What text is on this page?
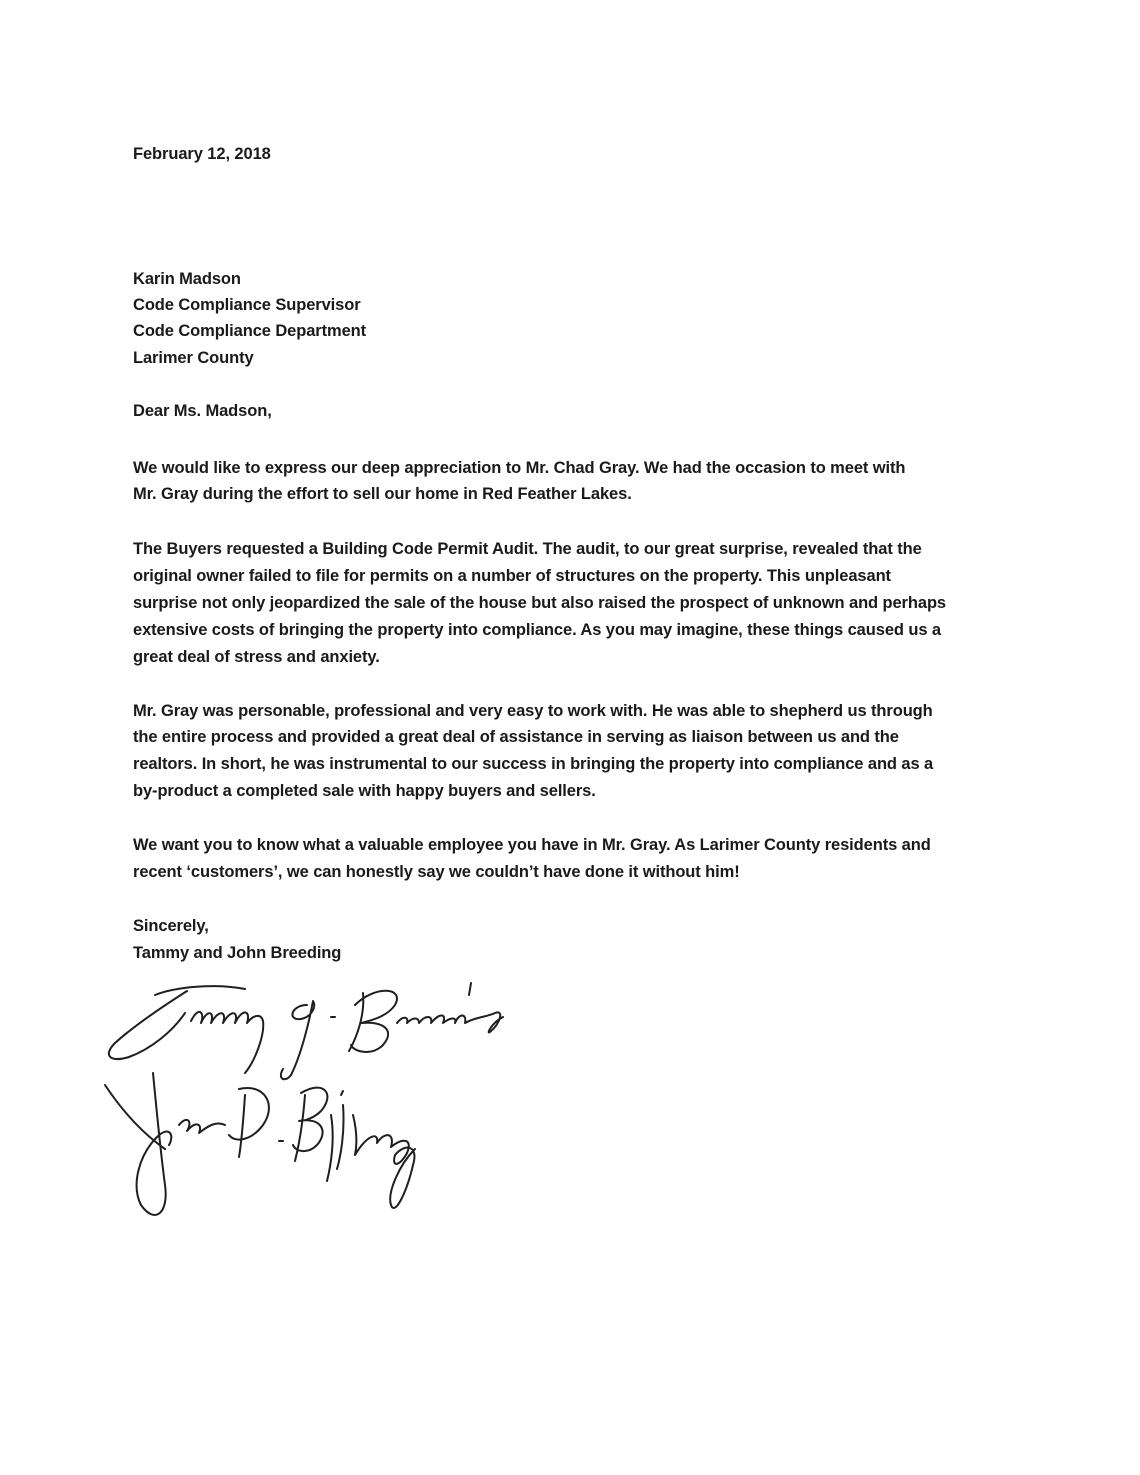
February 12, 2018
Karin Madson
Code Compliance Supervisor
Code Compliance Department
Larimer County
Dear Ms. Madson,
We would like to express our deep appreciation to Mr. Chad Gray. We had the occasion to meet with
Mr. Gray during the effort to sell our home in Red Feather Lakes.
The Buyers requested a Building Code Permit Audit. The audit, to our great surprise, revealed that the
original owner failed to file for permits on a number of structures on the property. This unpleasant
surprise not only jeopardized the sale of the house but also raised the prospect of unknown and perhaps
extensive costs of bringing the property into compliance. As you may imagine, these things caused us a
great deal of stress and anxiety.
Mr. Gray was personable, professional and very easy to work with. He was able to shepherd us through
the entire process and provided a great deal of assistance in serving as liaison between us and the
realtors. In short, he was instrumental to our success in bringing the property into compliance and as a
by-product a completed sale with happy buyers and sellers.
We want you to know what a valuable employee you have in Mr. Gray. As Larimer County residents and
recent ‘customers’, we can honestly say we couldn’t have done it without him!
Sincerely,
Tammy and John Breeding
